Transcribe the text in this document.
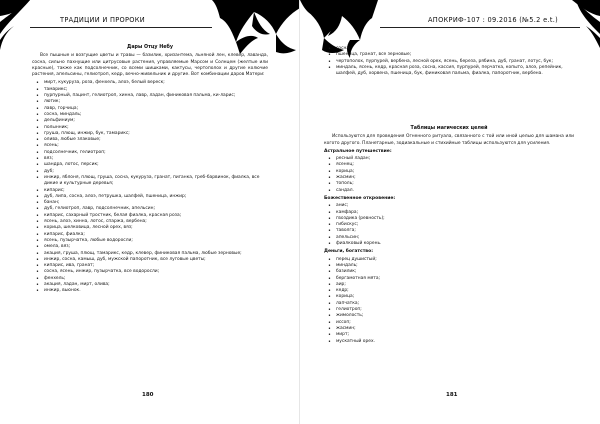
ТРАДИЦИИ И ПРОРОКИ
Дары Отцу Небу

Все пышные и возгущие цветы и травы — базилик, хризантема, льняной лен, клевер, лаванда, сосна, сильно пахнущие или цитрусовые растения, управляемые Марсом и Солнцем (желтые или красные), также как подсолнечник, со всеми шишками, кактусы, чертополох и другие колючие растения, апельсины, гелиотроп, кедр, вечно-живельник и другие. Вот комбинации даров Матери:

• мирт, кукуруза, роза, фенхель, алоэ, белый вереск;
• тамарикс;
• пурпурный, пацинт, гелиотроп, хинна, лавр, ладан, финиковая пальма, ки-ларис;
• лютик;
• лавр, горчица;
• сосна, миндаль;
• дельфиниум;
• полынник;
• груша, плющ, инжир, бук, тамарикс;
• олива, любые злаковые;
• ясень;
• подсолнечник, гелиотроп;
• вяз;
• шандра, лотос, персик;
• дуб;
• инжир, яблоня, плющ, груша, сосна, кукуруза, гранат, пиганка, греб-барвинок, фиалка, все дикие и культурные деревья;
• кипарис;
• дуб, липа, сосна, алоэ, петрушка, шалфей, пшеница, инжир;
• банан;
• дуб, гелиотроп, лавр, подсолнечник, апельсин;
• кипарис, сахарный тростник, белая фиалка, красная роза;
• ясень, алоэ, хинна, лотос, спаржа, вербена;
• корица, шелковица, лесной орех, вяз;
• кипарис, фиалка;
• ясень, пузырчатка, любые водоросли;
• омела, вяз;
• акация, груша, плющ, тамарикс, кедр, клевер, финиковая пальма, любые зерновые;
• инжир, сосна, камыш, дуб, мужской папоротник, все луговые цветы;
• кипарис, ива, гранат;
• сосна, ясень, инжир, пузырчатка, все водоросли;
• фенхель;
• акация, ладан, мирт, олива;
• инжир, вьюнок.
180
АПОКРИФ-107 : 09.2016 (№5.2 e.t.)
• сосна;
• пшеница, гранат, все зерновые;
• чертополох, пурпурей, вербена, лесной орех, ясень, береза, рябина, дуб, гранат, лотус, бук;
• миндаль, ясень, кедр, красная роза, сосна, кассия, пурпурей, перчатка, копыто, алоэ, репейник, шалфей, дуб, хорвена, пшеница, бук, финиковая пальма, фиалка, папоротник, вербена.
Таблицы магических целей

Используются для проведения Огненного ритуала, связанного с той или иной целью для шамана или когото другого. Планетарные, зодиакальные и стихийные таблицы используются для усиления.

Астральное путешествие:
• ресный ладан;
• ясенец;
• корица;
• жасмин;
• тополь;
• сандал.
Божественное откровение:
• анис;
• камфара;
• гвоздика (ревность);
• гибискус;
• таволга;
• апельсин;
• фиалковый корень.
Деньги, богатство:
• перец душистый;
• миндаль;
• базилик;
• бергамотная мята;
• аир;
• кедр;
• корица;
• лапчатка;
• гелиотроп;
• жимолость;
• иссоп;
• жасмин;
• мирт;
• мускатный орех.
181
